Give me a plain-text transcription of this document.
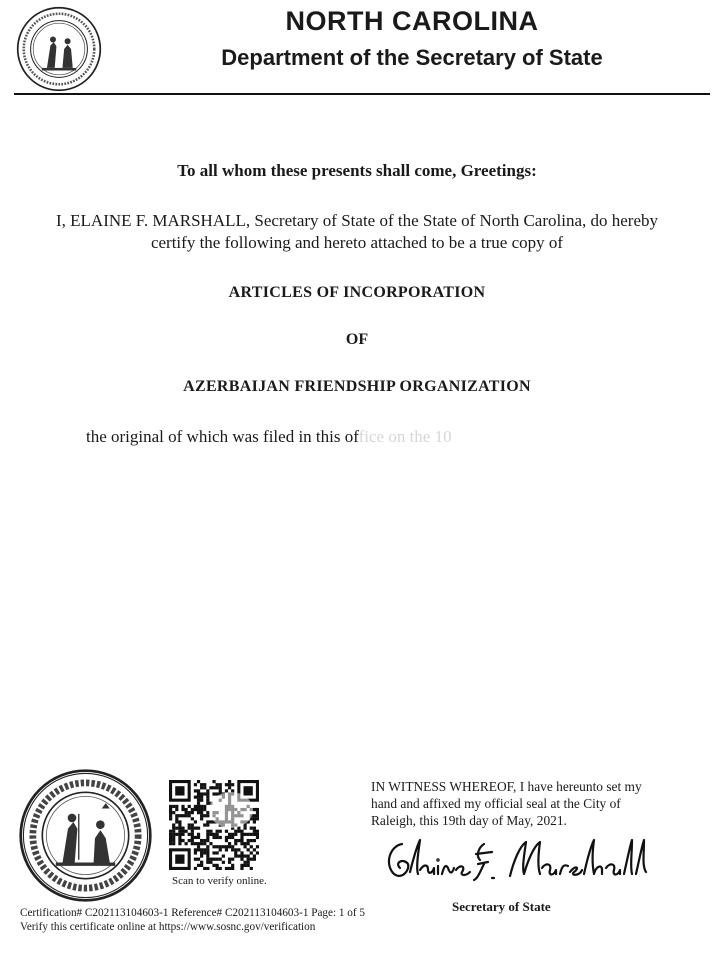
NORTH CAROLINA
Department of the Secretary of State
To all whom these presents shall come, Greetings:
I, ELAINE F. MARSHALL, Secretary of State of the State of North Carolina, do hereby
certify the following and hereto attached to be a true copy of
ARTICLES OF INCORPORATION
OF
AZERBAIJAN FRIENDSHIP ORGANIZATION
the original of which was filed in this office on the 10
Scan to verify online.
IN WITNESS WHEREOF, I have hereunto set my
hand and affixed my official seal at the City of
Raleigh, this 19th day of May, 2021.
Secretary of State
Certification# C202113104603-1 Reference# C202113104603-1 Page: 1 of 5
Verify this certificate online at https://www.sosnc.gov/verification
